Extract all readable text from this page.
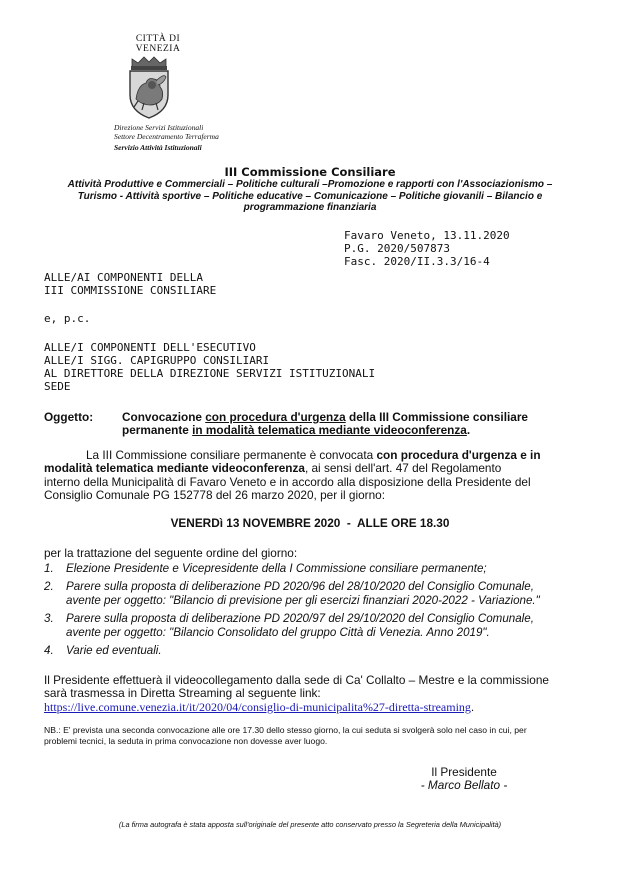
CITTÀ DI
VENEZIA
Direzione Servizi Istituzionali
Settore Decentramento Terraferma
Servizio Attività Istituzionali
III Commissione Consiliare
Attività Produttive e Commerciali – Politiche culturali –Promozione e rapporti con l'Associazionismo –
Turismo - Attività sportive – Politiche educative – Comunicazione – Politiche giovanili – Bilancio e
programmazione finanziaria
Favaro Veneto, 13.11.2020
P.G. 2020/507873
Fasc. 2020/II.3.3/16-4
ALLE/AI COMPONENTI DELLA
III COMMISSIONE CONSILIARE
e, p.c.
ALLE/I COMPONENTI DELL'ESECUTIVO
ALLE/I SIGG. CAPIGRUPPO CONSILIARI
AL DIRETTORE DELLA DIREZIONE SERVIZI ISTITUZIONALI
SEDE
Oggetto: Convocazione con procedura d'urgenza della III Commissione consiliare
permanente in modalità telematica mediante videoconferenza.
La III Commissione consiliare permanente è convocata con procedura d'urgenza e in
modalità telematica mediante videoconferenza, ai sensi dell'art. 47 del Regolamento
interno della Municipalità di Favaro Veneto e in accordo alla disposizione della Presidente del
Consiglio Comunale PG 152778 del 26 marzo 2020, per il giorno:
VENERDì 13 NOVEMBRE 2020  -  ALLE ORE 18.30
per la trattazione del seguente ordine del giorno:
1. Elezione Presidente e Vicepresidente della I Commissione consiliare permanente;
2. Parere sulla proposta di deliberazione PD 2020/96 del 28/10/2020 del Consiglio Comunale,
avente per oggetto: "Bilancio di previsione per gli esercizi finanziari 2020-2022 - Variazione."
3. Parere sulla proposta di deliberazione PD 2020/97 del 29/10/2020 del Consiglio Comunale,
avente per oggetto: "Bilancio Consolidato del gruppo Città di Venezia. Anno 2019".
4. Varie ed eventuali.
Il Presidente effettuerà il videocollegamento dalla sede di Ca' Collalto – Mestre e la commissione
sarà trasmessa in Diretta Streaming al seguente link:
https://live.comune.venezia.it/it/2020/04/consiglio-di-municipalita%27-diretta-streaming.
NB.: E' prevista una seconda convocazione alle ore 17.30 dello stesso giorno, la cui seduta si svolgerà solo nel caso in cui, per
problemi tecnici, la seduta in prima convocazione non dovesse aver luogo.
Il Presidente
- Marco Bellato -
(La firma autografa è stata apposta sull'originale del presente atto conservato presso la Segreteria della Municipalità)
